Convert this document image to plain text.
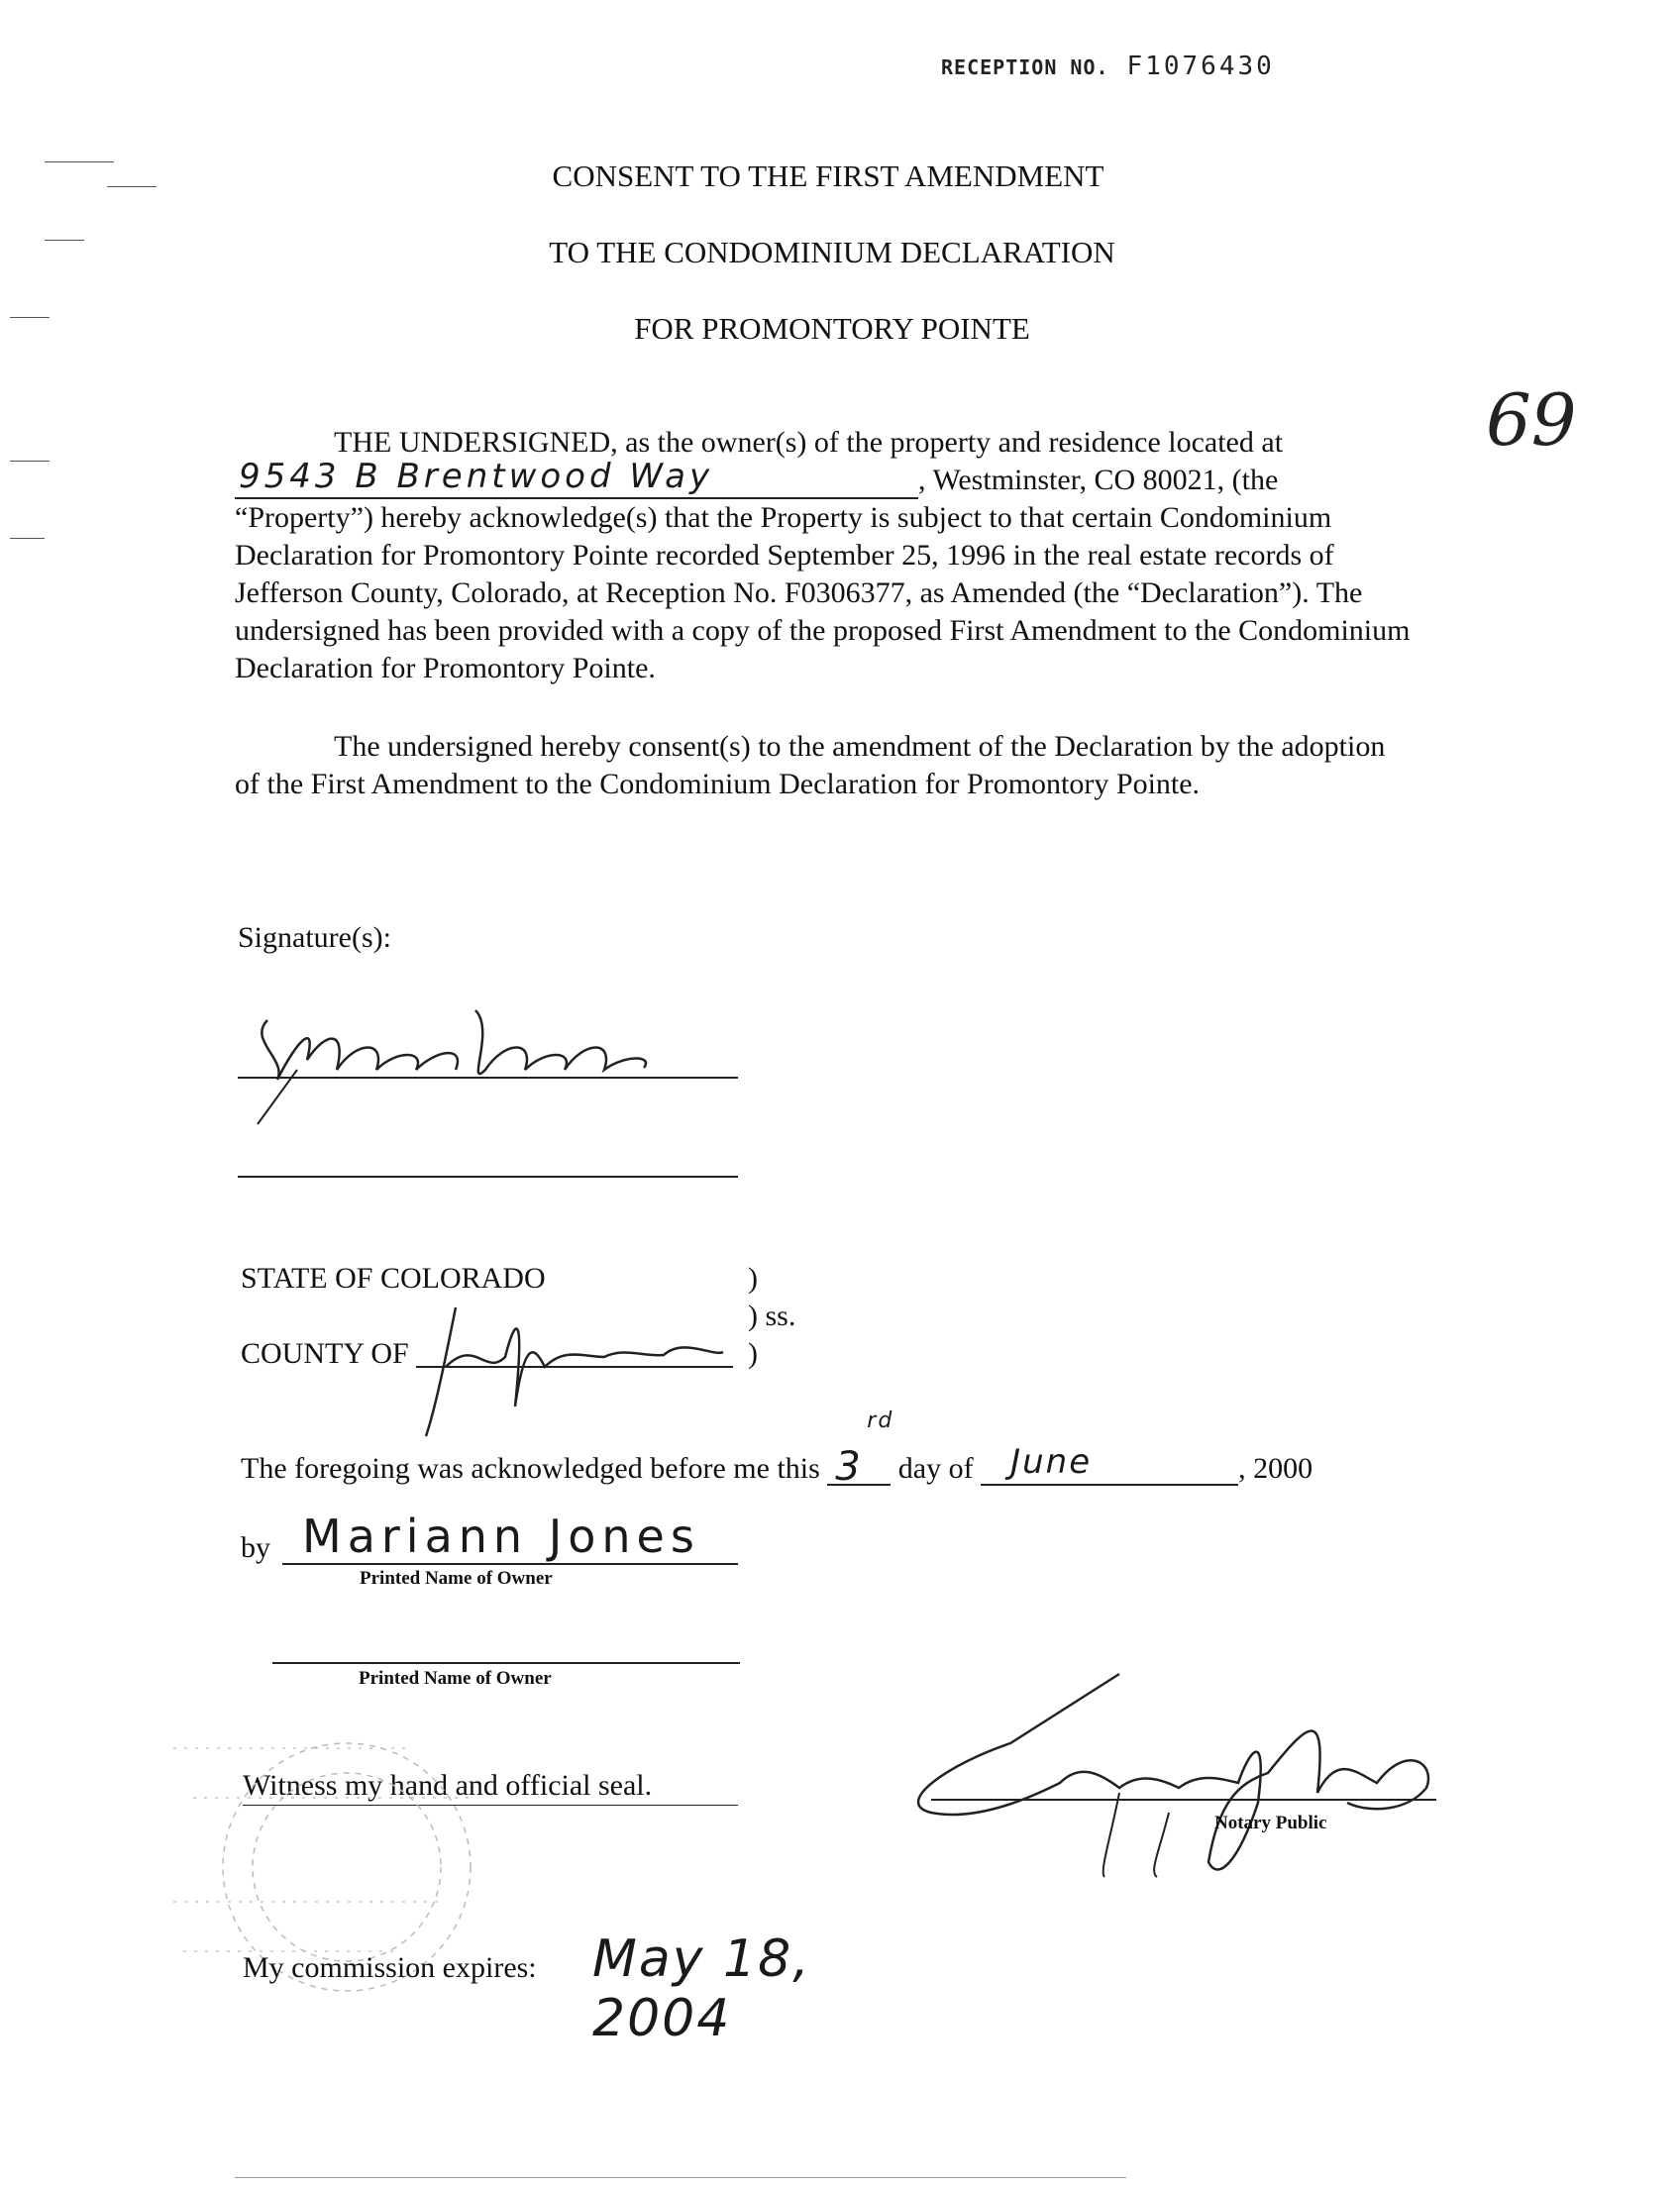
RECEPTION NO. F1076430
CONSENT TO THE FIRST AMENDMENT
TO THE CONDOMINIUM DECLARATION
FOR PROMONTORY POINTE
69
THE UNDERSIGNED, as the owner(s) of the property and residence located at

9543 B Brentwood Way	, Westminster, CO 80021, (the “Property”) hereby acknowledge(s) that the Property is subject to that certain Condominium Declaration for Promontory Pointe recorded September 25, 1996 in the real estate records of Jefferson County, Colorado, at Reception No. F0306377, as Amended (the “Declaration”). The undersigned has been provided with a copy of the proposed First Amendment to the Condominium Declaration for Promontory Pointe.
The undersigned hereby consent(s) to the amendment of the Declaration by the adoption of the First Amendment to the Condominium Declaration for Promontory Pointe.
Signature(s):
STATE OF COLORADO	)
) ss.
COUNTY OF	)
The foregoing was acknowledged before me this 3
rd
day of June	, 2000
by Mariann Jones
Printed Name of Owner
Printed Name of Owner
Witness my hand and official seal.
Notary Public
My commission expires: May 18, 2004
